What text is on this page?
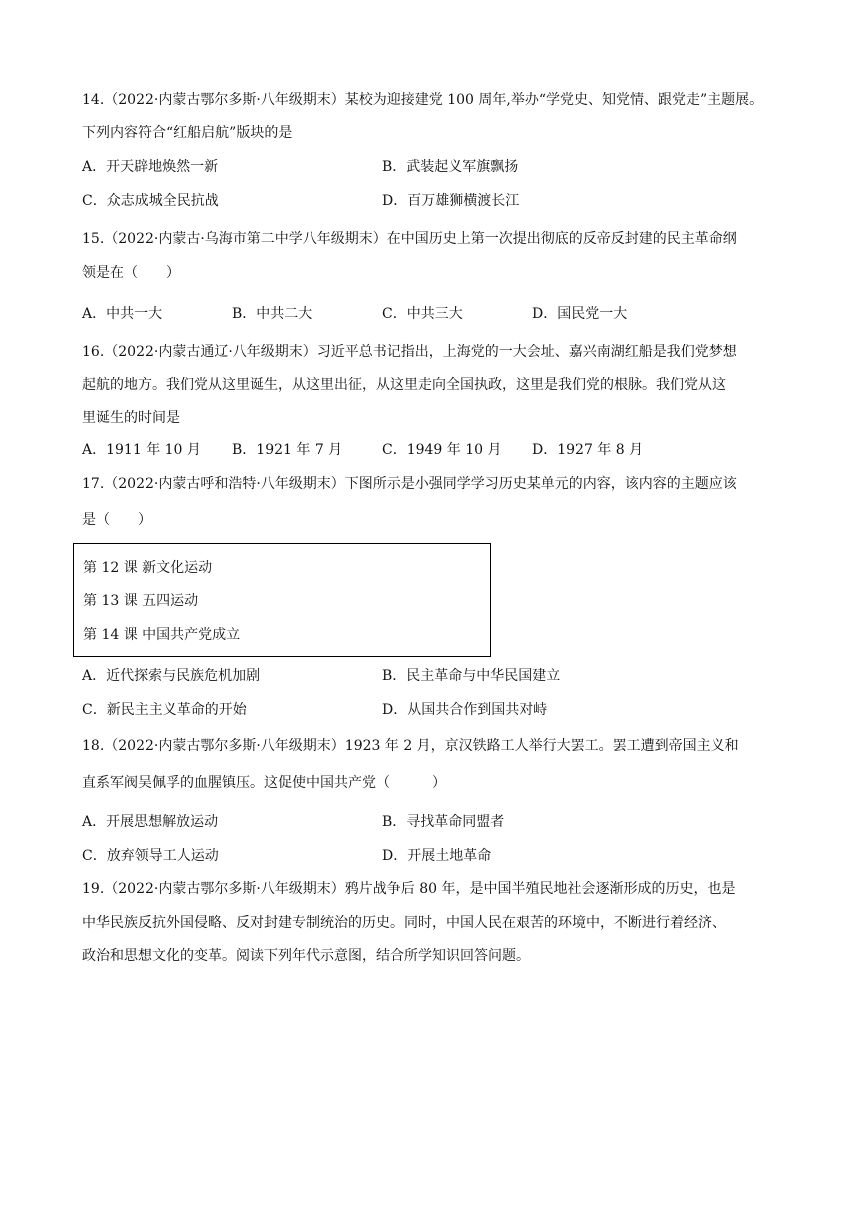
14.（2022·内蒙古鄂尔多斯·八年级期末）某校为迎接建党 100 周年,举办“学党史、知党情、跟党走”主题展。
下列内容符合“红船启航”版块的是
A．开天辟地焕然一新	B．武装起义军旗飘扬
C．众志成城全民抗战	D．百万雄狮横渡长江
15.（2022·内蒙古·乌海市第二中学八年级期末）在中国历史上第一次提出彻底的反帝反封建的民主革命纲
领是在（　　）
A．中共一大	B．中共二大	C．中共三大	D．国民党一大
16.（2022·内蒙古通辽·八年级期末）习近平总书记指出，上海党的一大会址、嘉兴南湖红船是我们党梦想
起航的地方。我们党从这里诞生，从这里出征，从这里走向全国执政，这里是我们党的根脉。我们党从这
里诞生的时间是
A．1911 年 10 月 B．1921 年 7 月	C．1949 年 10 月 D．1927 年 8 月
17.（2022·内蒙古呼和浩特·八年级期末）下图所示是小强同学学习历史某单元的内容，该内容的主题应该
是（　　）
第 12 课 新文化运动
第 13 课 五四运动
第 14 课 中国共产党成立
A．近代探索与民族危机加剧	B．民主革命与中华民国建立
C．新民主主义革命的开始	D．从国共合作到国共对峙
18.（2022·内蒙古鄂尔多斯·八年级期末）1923 年 2 月，京汉铁路工人举行大罢工。罢工遭到帝国主义和
直系军阀吴佩孚的血腥镇压。这促使中国共产党（　　　）
A．开展思想解放运动	B．寻找革命同盟者
C．放弃领导工人运动	D．开展土地革命
19.（2022·内蒙古鄂尔多斯·八年级期末）鸦片战争后 80 年，是中国半殖民地社会逐渐形成的历史，也是
中华民族反抗外国侵略、反对封建专制统治的历史。同时，中国人民在艰苦的环境中，不断进行着经济、
政治和思想文化的变革。阅读下列年代示意图，结合所学知识回答问题。
